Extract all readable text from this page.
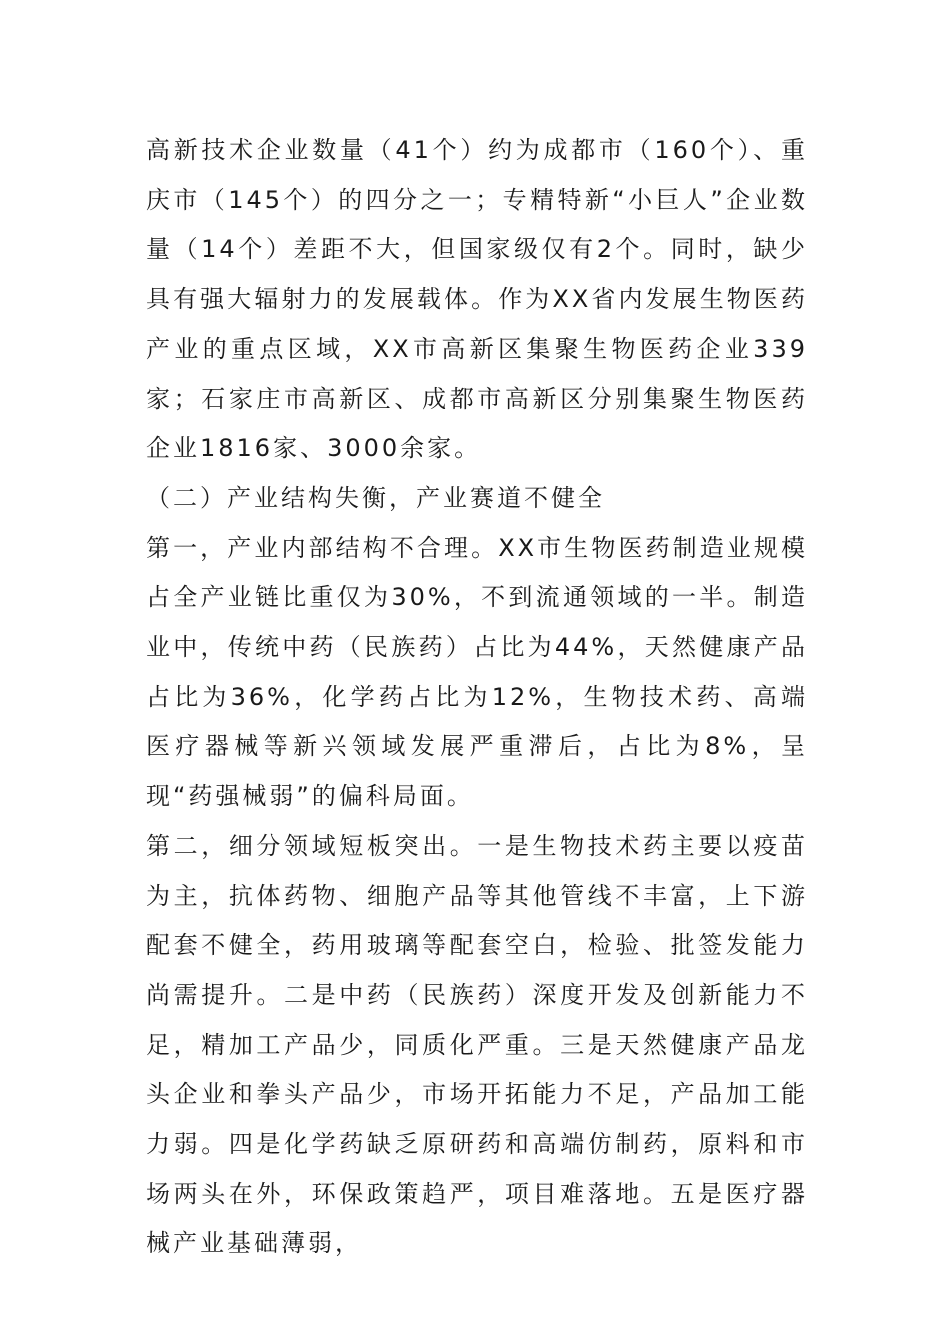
高新技术企业数量（41个）约为成都市（160个）、重庆市（145个）的四分之一；专精特新“小巨人”企业数量（14个）差距不大，但国家级仅有2个。同时，缺少具有强大辐射力的发展载体。作为XX省内发展生物医药产业的重点区域，XX市高新区集聚生物医药企业339家；石家庄市高新区、成都市高新区分别集聚生物医药企业1816家、3000余家。

（二）产业结构失衡，产业赛道不健全

第一，产业内部结构不合理。XX市生物医药制造业规模占全产业链比重仅为30%，不到流通领域的一半。制造业中，传统中药（民族药）占比为44%，天然健康产品占比为36%，化学药占比为12%，生物技术药、高端医疗器械等新兴领域发展严重滞后，占比为8%，呈现“药强械弱”的偏科局面。

第二，细分领域短板突出。一是生物技术药主要以疫苗为主，抗体药物、细胞产品等其他管线不丰富，上下游配套不健全，药用玻璃等配套空白，检验、批签发能力尚需提升。二是中药（民族药）深度开发及创新能力不足，精加工产品少，同质化严重。三是天然健康产品龙头企业和拳头产品少，市场开拓能力不足，产品加工能力弱。四是化学药缺乏原研药和高端仿制药，原料和市场两头在外，环保政策趋严，项目难落地。五是医疗器械产业基础薄弱，
